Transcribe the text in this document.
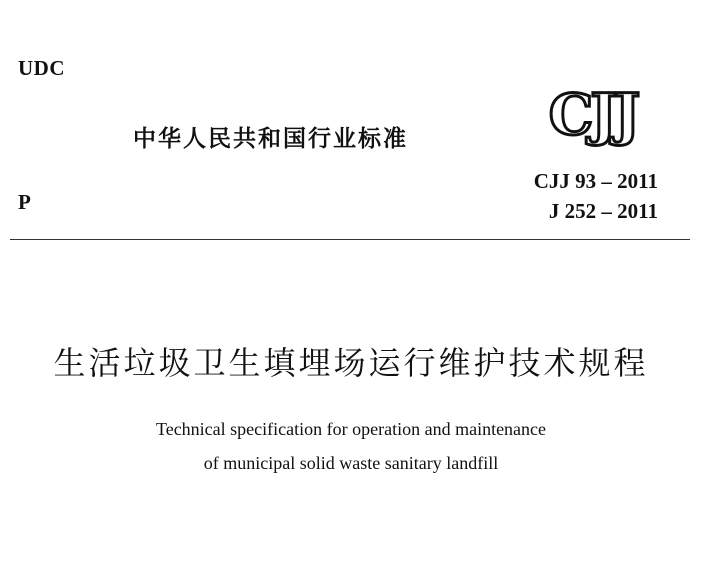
UDC
中华人民共和国行业标准	CJJ
CJJ 93 – 2011
J 252 – 2011
P
生活垃圾卫生填埋场运行维护技术规程
Technical specification for operation and maintenance
of municipal solid waste sanitary landfill
